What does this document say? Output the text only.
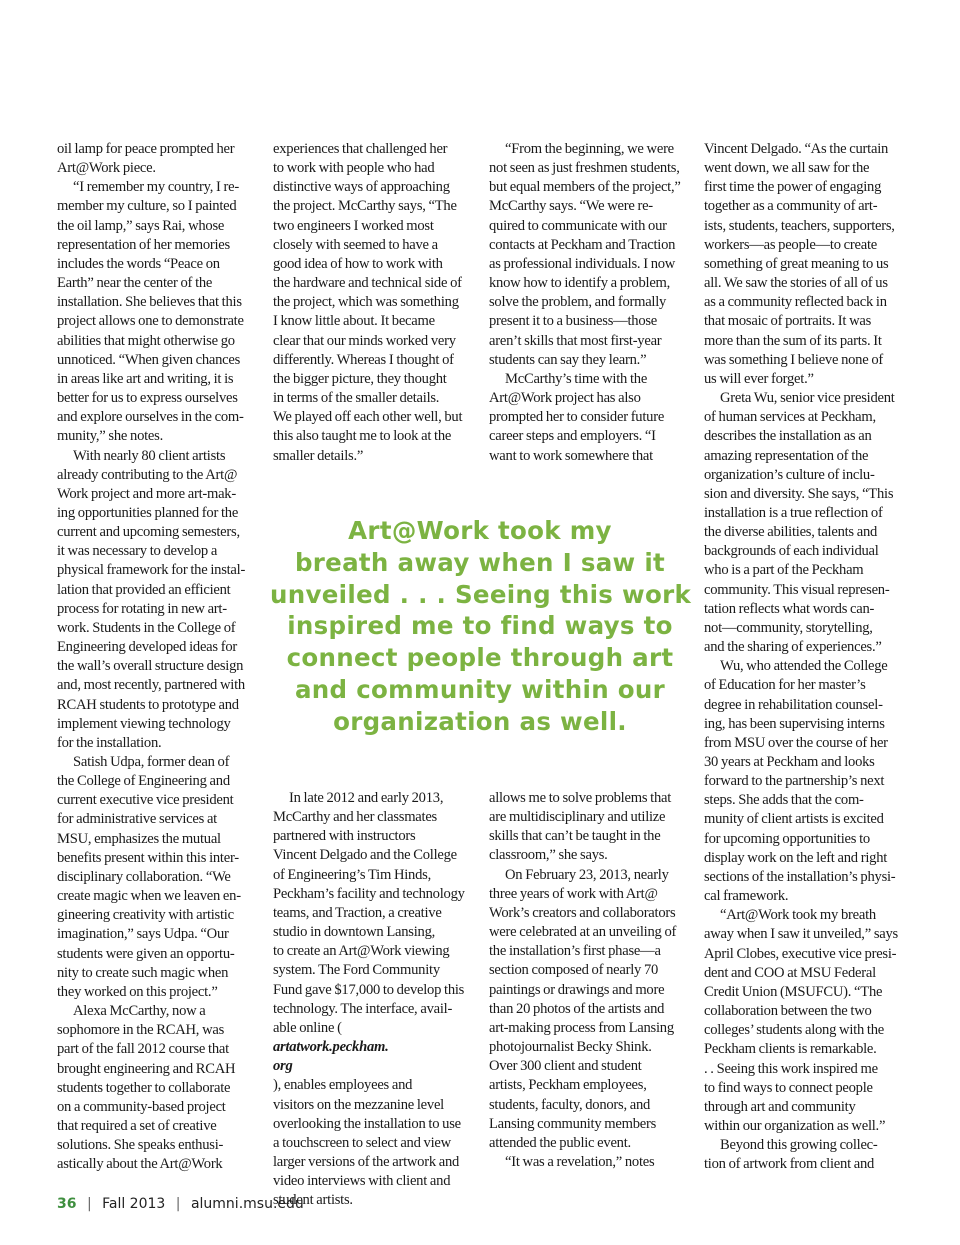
oil lamp for peace prompted her
Art@Work piece.
“I remember my country, I re-
member my culture, so I painted
the oil lamp,” says Rai, whose
representation of her memories
includes the words “Peace on
Earth” near the center of the
installation. She believes that this
project allows one to demonstrate
abilities that might otherwise go
unnoticed. “When given chances
in areas like art and writing, it is
better for us to express ourselves
and explore ourselves in the com-
munity,” she notes.
With nearly 80 client artists
already contributing to the Art@
Work project and more art-mak-
ing opportunities planned for the
current and upcoming semesters,
it was necessary to develop a
physical framework for the instal-
lation that provided an efficient
process for rotating in new art-
work. Students in the College of
Engineering developed ideas for
the wall’s overall structure design
and, most recently, partnered with
RCAH students to prototype and
implement viewing technology
for the installation.
Satish Udpa, former dean of
the College of Engineering and
current executive vice president
for administrative services at
MSU, emphasizes the mutual
benefits present within this inter-
disciplinary collaboration. “We
create magic when we leaven en-
gineering creativity with artistic
imagination,” says Udpa. “Our
students were given an opportu-
nity to create such magic when
they worked on this project.”
Alexa McCarthy, now a
sophomore in the RCAH, was
part of the fall 2012 course that
brought engineering and RCAH
students together to collaborate
on a community-based project
that required a set of creative
solutions. She speaks enthusi-
astically about the Art@Work
experiences that challenged her
to work with people who had
distinctive ways of approaching
the project. McCarthy says, “The
two engineers I worked most
closely with seemed to have a
good idea of how to work with
the hardware and technical side of
the project, which was something
I know little about. It became
clear that our minds worked very
differently. Whereas I thought of
the bigger picture, they thought
in terms of the smaller details.
We played off each other well, but
this also taught me to look at the
smaller details.”
“From the beginning, we were
not seen as just freshmen students,
but equal members of the project,”
McCarthy says. “We were re-
quired to communicate with our
contacts at Peckham and Traction
as professional individuals. I now
know how to identify a problem,
solve the problem, and formally
present it to a business—those
aren’t skills that most first-year
students can say they learn.”
McCarthy’s time with the
Art@Work project has also
prompted her to consider future
career steps and employers. “I
want to work somewhere that
Vincent Delgado. “As the curtain
went down, we all saw for the
first time the power of engaging
together as a community of art-
ists, students, teachers, supporters,
workers—as people—to create
something of great meaning to us
all. We saw the stories of all of us
as a community reflected back in
that mosaic of portraits. It was
more than the sum of its parts. It
was something I believe none of
us will ever forget.”
Greta Wu, senior vice president
of human services at Peckham,
describes the installation as an
amazing representation of the
organization’s culture of inclu-
sion and diversity. She says, “This
installation is a true reflection of
the diverse abilities, talents and
backgrounds of each individual
who is a part of the Peckham
community. This visual represen-
tation reflects what words can-
not—community, storytelling,
and the sharing of experiences.”
Wu, who attended the College
of Education for her master’s
degree in rehabilitation counsel-
ing, has been supervising interns
from MSU over the course of her
30 years at Peckham and looks
forward to the partnership’s next
steps. She adds that the com-
munity of client artists is excited
for upcoming opportunities to
display work on the left and right
sections of the installation’s physi-
cal framework.
“Art@Work took my breath
away when I saw it unveiled,” says
April Clobes, executive vice presi-
dent and COO at MSU Federal
Credit Union (MSUFCU). “The
collaboration between the two
colleges’ students along with the
Peckham clients is remarkable.
. . Seeing this work inspired me
to find ways to connect people
through art and community
within our organization as well.”
Beyond this growing collec-
tion of artwork from client and
In late 2012 and early 2013,
McCarthy and her classmates
partnered with instructors
Vincent Delgado and the College
of Engineering’s Tim Hinds,
Peckham’s facility and technology
teams, and Traction, a creative
studio in downtown Lansing,
to create an Art@Work viewing
system. The Ford Community
Fund gave $17,000 to develop this
technology. The interface, avail-
able online (
artatwork.peckham.
org
), enables employees and
visitors on the mezzanine level
overlooking the installation to use
a touchscreen to select and view
larger versions of the artwork and
video interviews with client and
student artists.
allows me to solve problems that
are multidisciplinary and utilize
skills that can’t be taught in the
classroom,” she says.
On February 23, 2013, nearly
three years of work with Art@
Work’s creators and collaborators
were celebrated at an unveiling of
the installation’s first phase—a
section composed of nearly 70
paintings or drawings and more
than 20 photos of the artists and
art-making process from Lansing
photojournalist Becky Shink.
Over 300 client and student
artists, Peckham employees,
students, faculty, donors, and
Lansing community members
attended the public event.
“It was a revelation,” notes
Art@Work took my
breath away when I saw it
unveiled . . . Seeing this work
inspired me to find ways to
connect people through art
and community within our
organization as well.
36 | Fall 2013 | alumni.msu.edu
